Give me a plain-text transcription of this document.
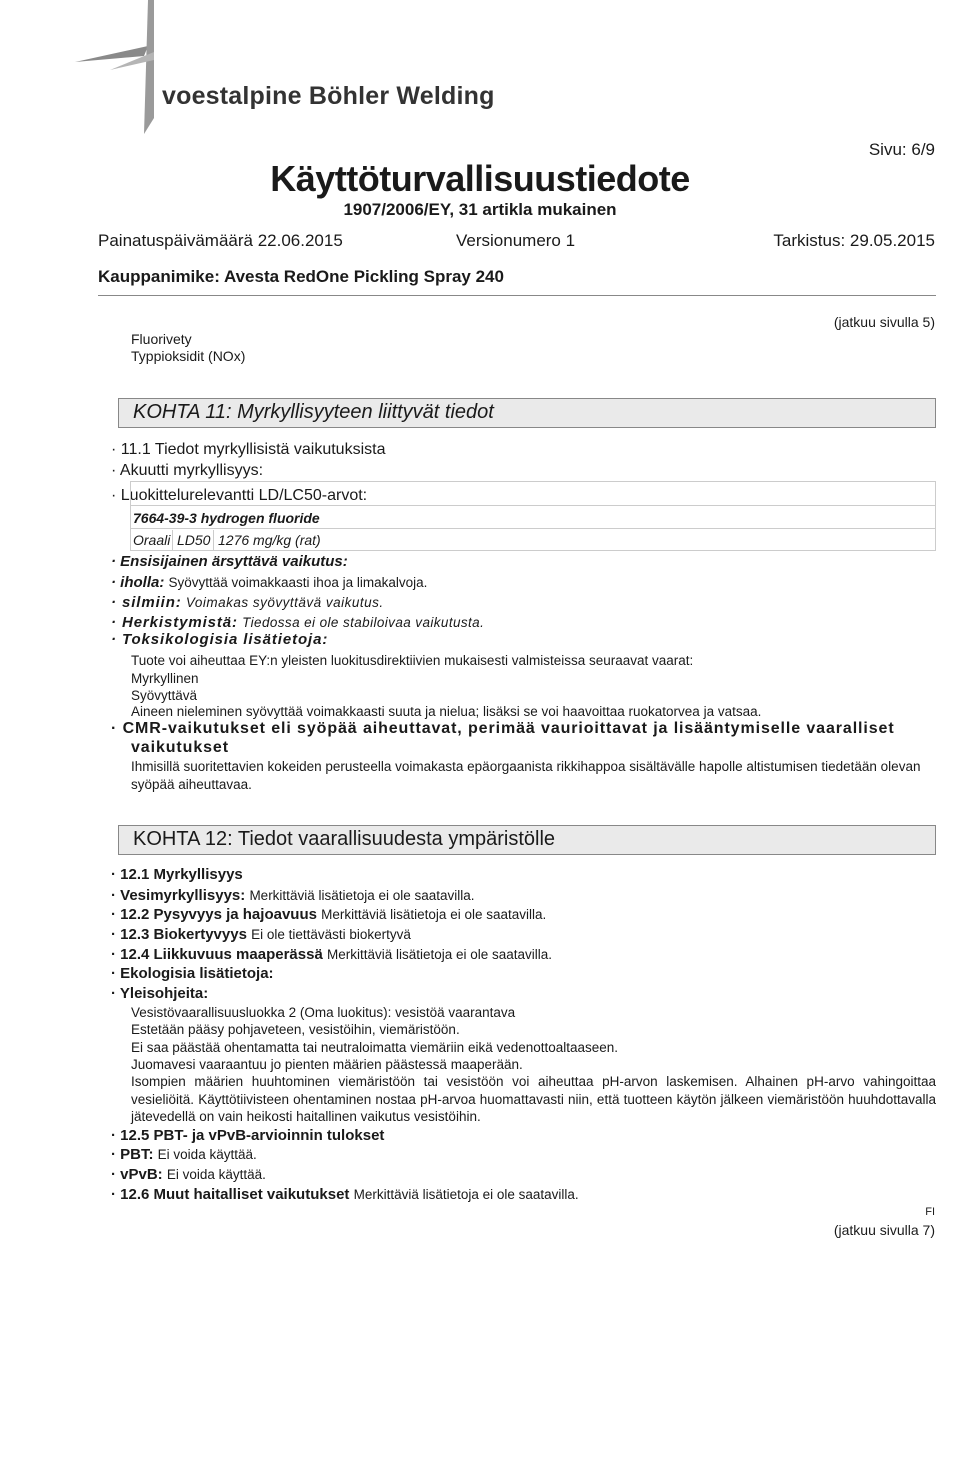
voestalpine Böhler Welding
Sivu: 6/9
Käyttöturvallisuustiedote
1907/2006/EY, 31 artikla mukainen
Painatuspäivämäärä 22.06.2015	Versionumero 1	Tarkistus: 29.05.2015
Kauppanimike: Avesta RedOne Pickling Spray 240
(jatkuu sivulla 5)
Fluorivety
Typpioksidit (NOx)
KOHTA 11: Myrkyllisyyteen liittyvät tiedot
· 11.1 Tiedot myrkyllisistä vaikutuksista
· Akuutti myrkyllisyys:
· Luokittelurelevantti LD/LC50-arvot:
7664-39-3 hydrogen fluoride
Oraali LD50 1276 mg/kg (rat)
· Ensisijainen ärsyttävä vaikutus:
· iholla: Syövyttää voimakkaasti ihoa ja limakalvoja.
· silmiin: Voimakas syövyttävä vaikutus.
· Herkistymistä: Tiedossa ei ole stabiloivaa vaikutusta.
· Toksikologisia lisätietoja:
Tuote voi aiheuttaa EY:n yleisten luokitusdirektiivien mukaisesti valmisteissa seuraavat vaarat:
Myrkyllinen
Syövyttävä
Aineen nieleminen syövyttää voimakkaasti suuta ja nielua; lisäksi se voi haavoittaa ruokatorvea ja vatsaa.
· CMR-vaikutukset eli syöpää aiheuttavat, perimää vaurioittavat ja lisääntymiselle vaaralliset
vaikutukset
Ihmisillä suoritettavien kokeiden perusteella voimakasta epäorgaanista rikkihappoa sisältävälle hapolle altistumisen tiedetään olevan syöpää aiheuttavaa.
KOHTA 12: Tiedot vaarallisuudesta ympäristölle
· 12.1 Myrkyllisyys
· Vesimyrkyllisyys: Merkittäviä lisätietoja ei ole saatavilla.
· 12.2 Pysyvyys ja hajoavuus Merkittäviä lisätietoja ei ole saatavilla.
· 12.3 Biokertyvyys Ei ole tiettävästi biokertyvä
· 12.4 Liikkuvuus maaperässä Merkittäviä lisätietoja ei ole saatavilla.
· Ekologisia lisätietoja:
· Yleisohjeita:
Vesistövaarallisuusluokka 2 (Oma luokitus): vesistöä vaarantava
Estetään pääsy pohjaveteen, vesistöihin, viemäristöön.
Ei saa päästää ohentamatta tai neutraloimatta viemäriin eikä vedenottoaltaaseen.
Juomavesi vaaraantuu jo pienten määrien päästessä maaperään.
Isompien määrien huuhtominen viemäristöön tai vesistöön voi aiheuttaa pH-arvon laskemisen. Alhainen pH-arvo vahingoittaa vesieliöitä. Käyttötiivisteen ohentaminen nostaa pH-arvoa huomattavasti niin, että tuotteen käytön jälkeen viemäristöön huuhdottavalla jätevedellä on vain heikosti haitallinen vaikutus vesistöihin.
· 12.5 PBT- ja vPvB-arvioinnin tulokset
· PBT: Ei voida käyttää.
· vPvB: Ei voida käyttää.
· 12.6 Muut haitalliset vaikutukset Merkittäviä lisätietoja ei ole saatavilla.
FI
(jatkuu sivulla 7)
